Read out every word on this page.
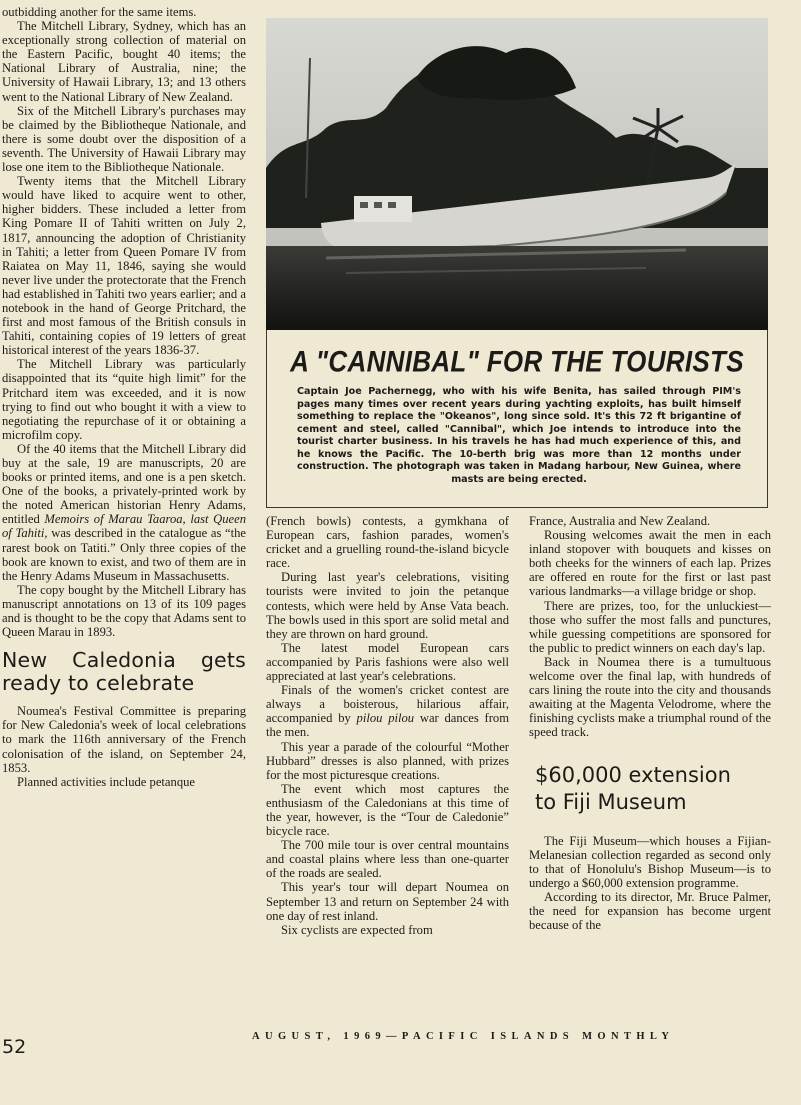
outbidding another for the same items.

The Mitchell Library, Sydney, which has an exceptionally strong collection of material on the Eastern Pacific, bought 40 items; the National Library of Australia, nine; the University of Hawaii Library, 13; and 13 others went to the National Library of New Zealand.

Six of the Mitchell Library's purchases may be claimed by the Bibliotheque Nationale, and there is some doubt over the disposition of a seventh. The University of Hawaii Library may lose one item to the Bibliotheque Nationale.

Twenty items that the Mitchell Library would have liked to acquire went to other, higher bidders. These included a letter from King Pomare II of Tahiti written on July 2, 1817, announcing the adoption of Christianity in Tahiti; a letter from Queen Pomare IV from Raiatea on May 11, 1846, saying she would never live under the protectorate that the French had established in Tahiti two years earlier; and a notebook in the hand of George Pritchard, the first and most famous of the British consuls in Tahiti, containing copies of 19 letters of great historical interest of the years 1836-37.

The Mitchell Library was particularly disappointed that its “quite high limit” for the Pritchard item was exceeded, and it is now trying to find out who bought it with a view to negotiating the repurchase of it or obtaining a microfilm copy.

Of the 40 items that the Mitchell Library did buy at the sale, 19 are manuscripts, 20 are books or printed items, and one is a pen sketch. One of the books, a privately-printed work by the noted American historian Henry Adams, entitled Memoirs of Marau Taaroa, last Queen of Tahiti, was described in the catalogue as “the rarest book on Tatiti.” Only three copies of the book are known to exist, and two of them are in the Henry Adams Museum in Massachusetts.

The copy bought by the Mitchell Library has manuscript annotations on 13 of its 109 pages and is thought to be the copy that Adams sent to Queen Marau in 1893.

New Caledonia gets ready to celebrate

Noumea's Festival Committee is preparing for New Caledonia's week of local celebrations to mark the 116th anniversary of the French colonisation of the island, on September 24, 1853.

Planned activities include petanque

A "CANNIBAL" FOR THE TOURISTS
Captain Joe Pachernegg, who with his wife Benita, has sailed through PIM's pages many times over recent years during yachting exploits, has built himself something to replace the "Okeanos", long since sold. It's this 72 ft brigantine of cement and steel, called "Cannibal", which Joe intends to introduce into the tourist charter business. In his travels he has had much experience of this, and he knows the Pacific. The 10-berth brig was more than 12 months under construction. The photograph was taken in Madang harbour, New Guinea, where masts are being erected.

(French bowls) contests, a gymkhana of European cars, fashion parades, women's cricket and a gruelling round-the-island bicycle race.

During last year's celebrations, visiting tourists were invited to join the petanque contests, which were held by Anse Vata beach. The bowls used in this sport are solid metal and they are thrown on hard ground.

The latest model European cars accompanied by Paris fashions were also well appreciated at last year's celebrations.

Finals of the women's cricket contest are always a boisterous, hilarious affair, accompanied by pilou pilou war dances from the men.

This year a parade of the colourful “Mother Hubbard” dresses is also planned, with prizes for the most picturesque creations.

The event which most captures the enthusiasm of the Caledonians at this time of the year, however, is the “Tour de Caledonie” bicycle race.

The 700 mile tour is over central mountains and coastal plains where less than one-quarter of the roads are sealed.

This year's tour will depart Noumea on September 13 and return on September 24 with one day of rest inland.

Six cyclists are expected from

France, Australia and New Zealand.

Rousing welcomes await the men in each inland stopover with bouquets and kisses on both cheeks for the winners of each lap. Prizes are offered en route for the first or last past various landmarks—a village bridge or shop.

There are prizes, too, for the unluckiest—those who suffer the most falls and punctures, while guessing competitions are sponsored for the public to predict winners on each day's lap.

Back in Noumea there is a tumultuous welcome over the final lap, with hundreds of cars lining the route into the city and thousands awaiting at the Magenta Velodrome, where the finishing cyclists make a triumphal round of the speed track.

$60,000 extension
to Fiji Museum

The Fiji Museum—which houses a Fijian-Melanesian collection regarded as second only to that of Honolulu's Bishop Museum—is to undergo a $60,000 extension programme.

According to its director, Mr. Bruce Palmer, the need for expansion has become urgent because of the

52	AUGUST, 1969—PACIFIC ISLANDS MONTHLY
